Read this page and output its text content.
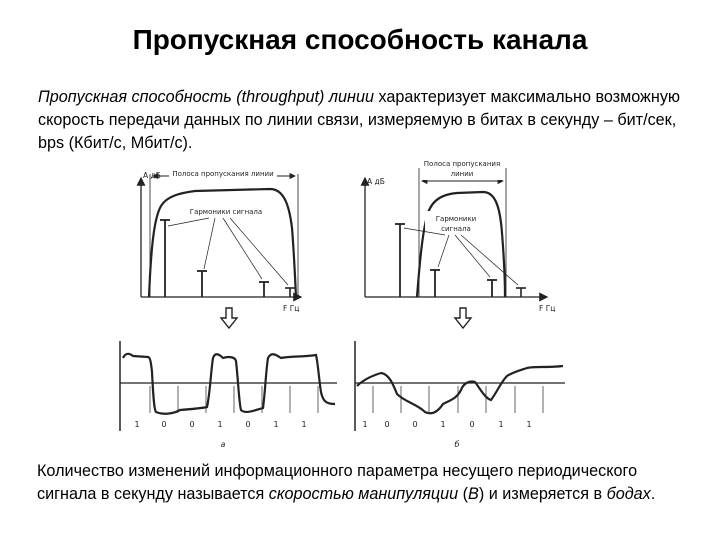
Пропускная способность канала
Пропускная способность (throughput) линии характеризует максимально возможную скорость передачи данных по линии связи, измеряемую в битах в секунду – бит/сек, bps (Кбит/с, Мбит/с).
A дБ
F Гц
Полоса пропускания линии
Гармоники сигнала
A дБ
F Гц
Полоса пропускания
линии
Гармоники
сигнала
1	0	0	1	0	1	1	1 0	0	1	0	1	1
а	б
Количество изменений информационного параметра несущего периодического сигнала в секунду называется скоростью манипуляции (B) и измеряется в бодах.
